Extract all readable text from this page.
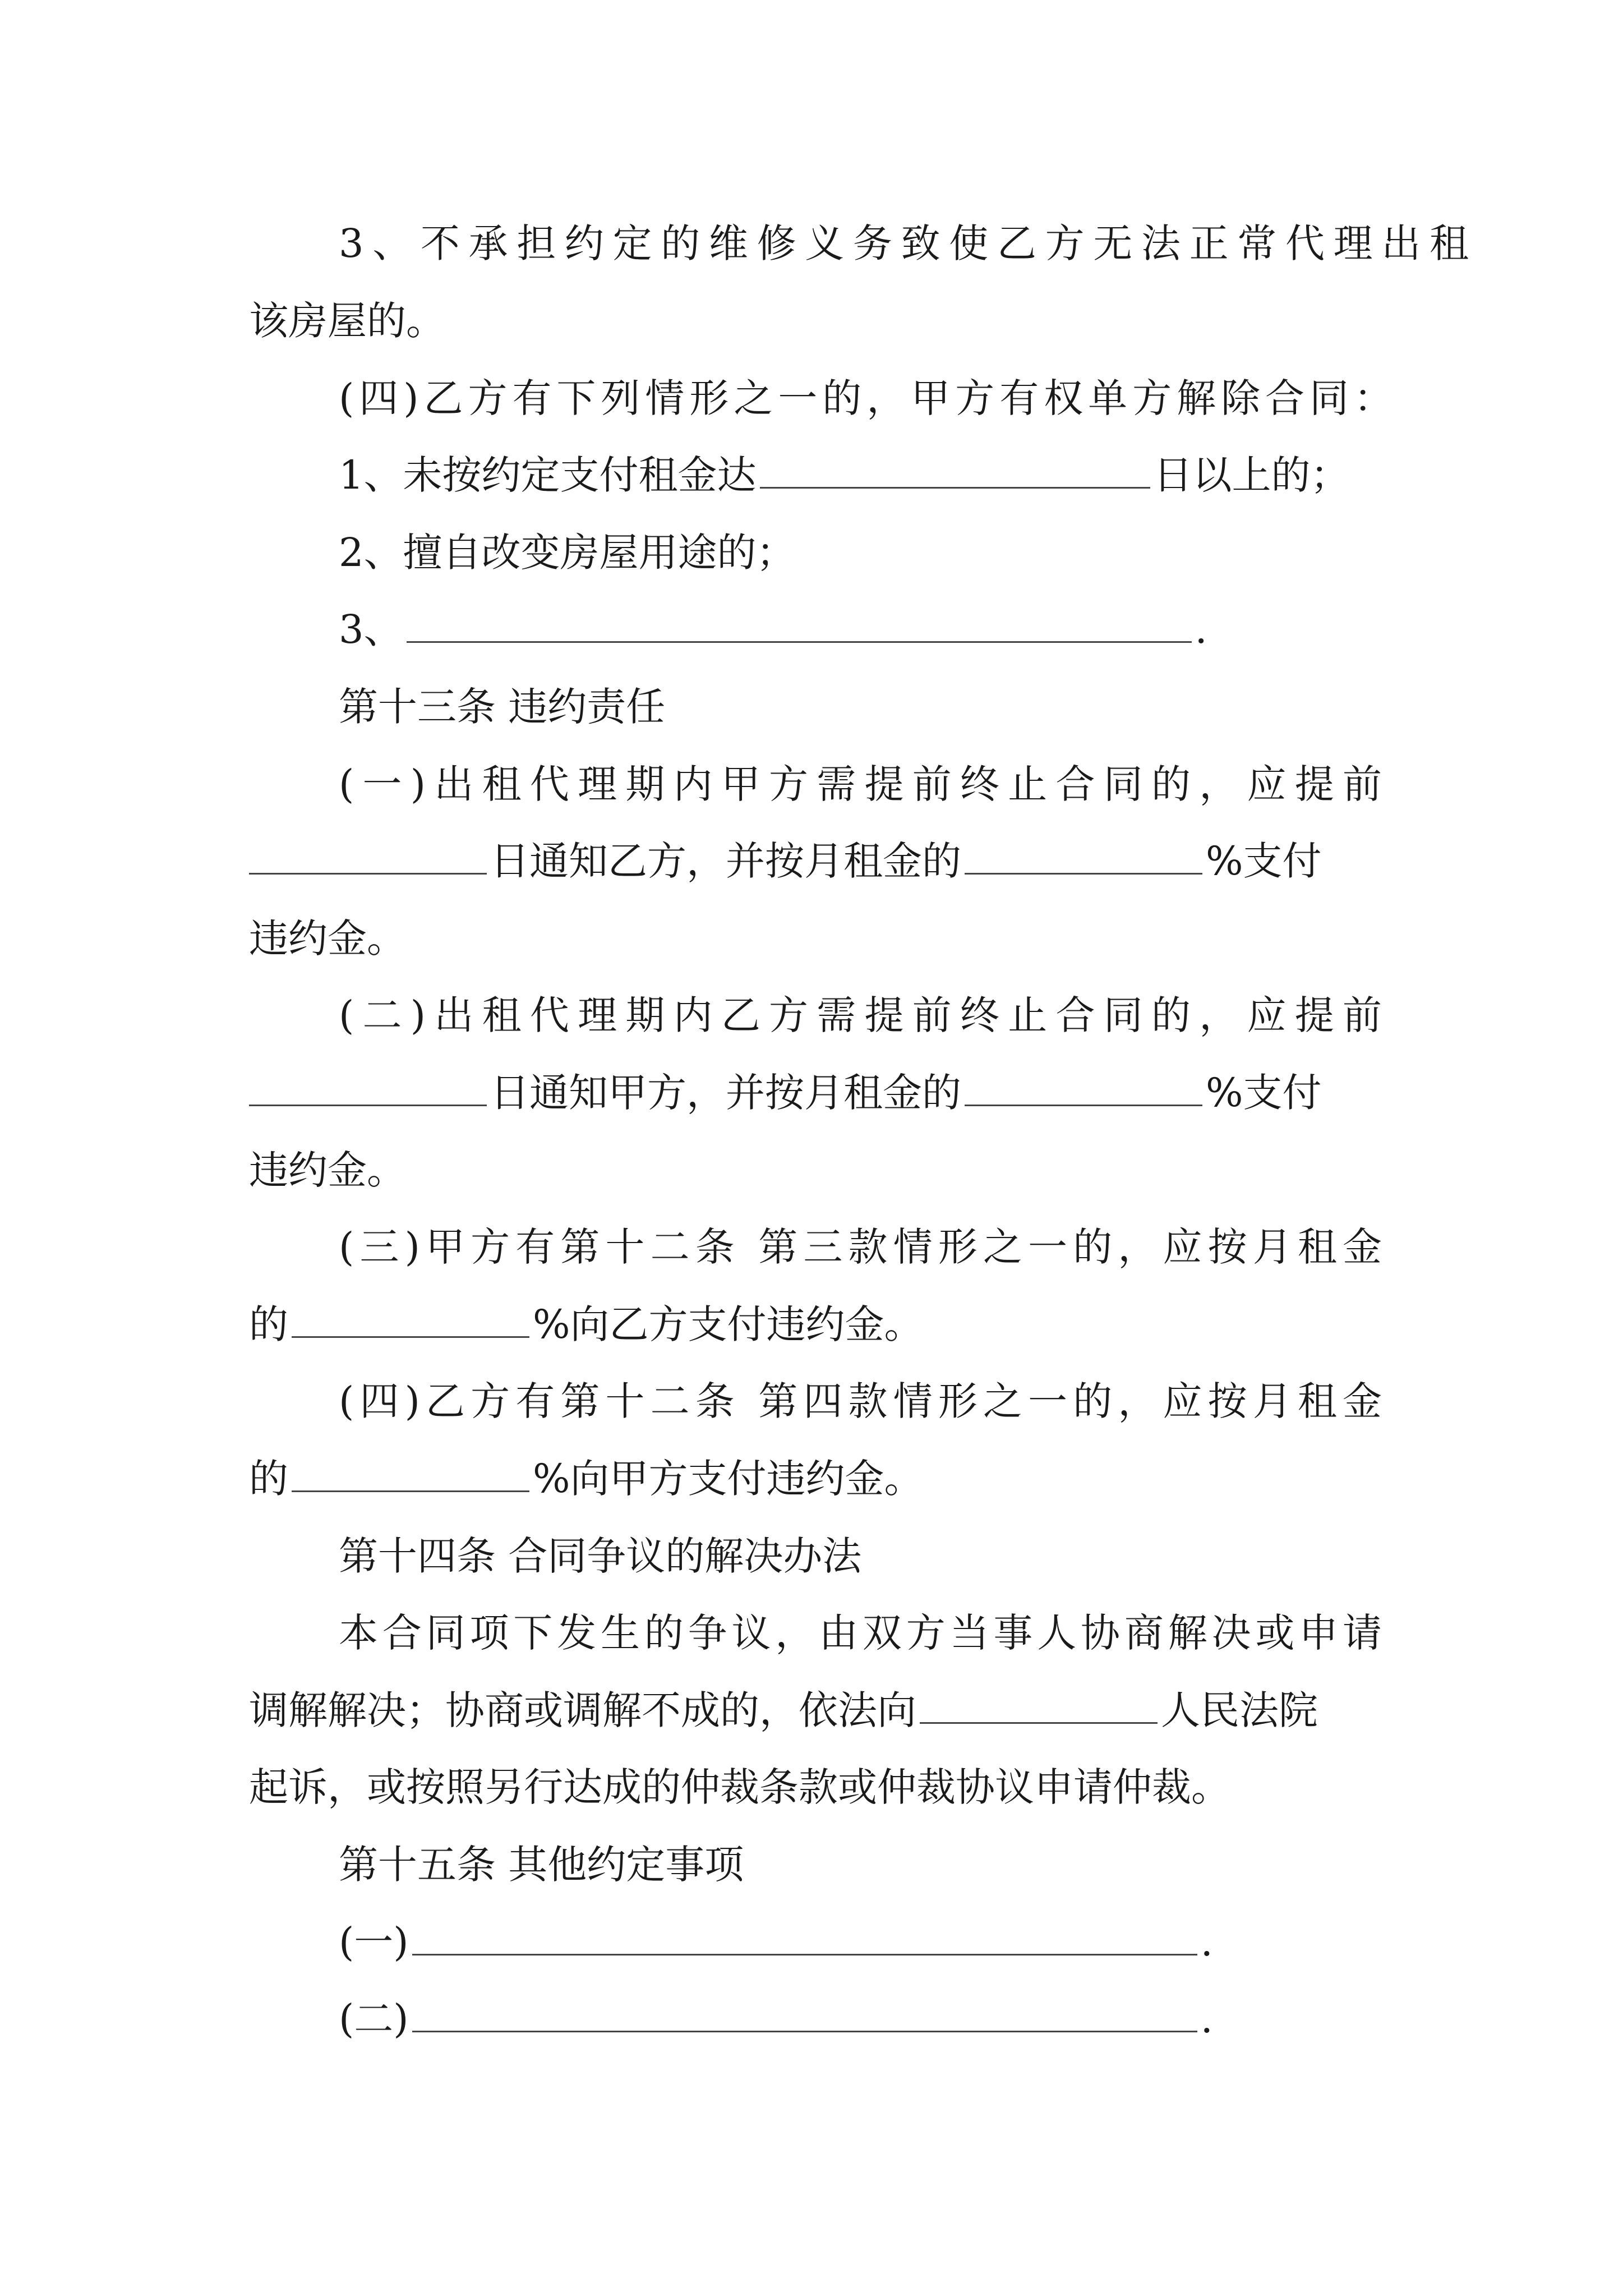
3、不承担约定的维修义务致使乙方无法正常代理出租
该房屋的。
(四)乙方有下列情形之一的，甲方有权单方解除合同：
1、未按约定支付租金达	日以上的；
2、擅自改变房屋用途的；
3、	.
第十三条 违约责任
(一)出租代理期内甲方需提前终止合同的，应提前
日通知乙方，并按月租金的	%支付
违约金。
(二)出租代理期内乙方需提前终止合同的，应提前
日通知甲方，并按月租金的	%支付
违约金。
(三)甲方有第十二条 第三款情形之一的，应按月租金
的	%向乙方支付违约金。
(四)乙方有第十二条 第四款情形之一的，应按月租金
的	%向甲方支付违约金。
第十四条 合同争议的解决办法
本合同项下发生的争议，由双方当事人协商解决或申请
调解解决；协商或调解不成的，依法向	人民法院
起诉，或按照另行达成的仲裁条款或仲裁协议申请仲裁。
第十五条 其他约定事项
(一)	.
(二)	.
